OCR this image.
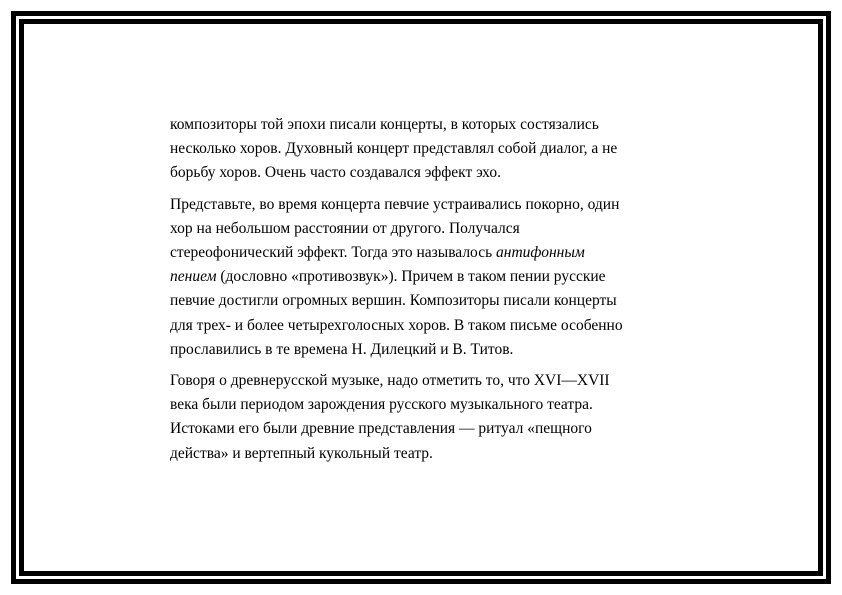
композиторы той эпохи писали концерты, в которых состязались
несколько хоров. Духовный концерт представлял собой диалог, а не
борьбу хоров. Очень часто создавался эффект эхо.

Представьте, во время концерта певчие устраивались покорно, один
хор на небольшом расстоянии от другого. Получался
стереофонический эффект. Тогда это называлось антифонным
пением (дословно «противозвук»). Причем в таком пении русские
певчие достигли огромных вершин. Композиторы писали концерты
для трех- и более четырехголосных хоров. В таком письме особенно
прославились в те времена Н. Дилецкий и В. Титов.

Говоря о древнерусской музыке, надо отметить то, что XVI—XVII
века были периодом зарождения русского музыкального театра.
Истоками его были древние представления — ритуал «пещного
действа» и вертепный кукольный театр.
